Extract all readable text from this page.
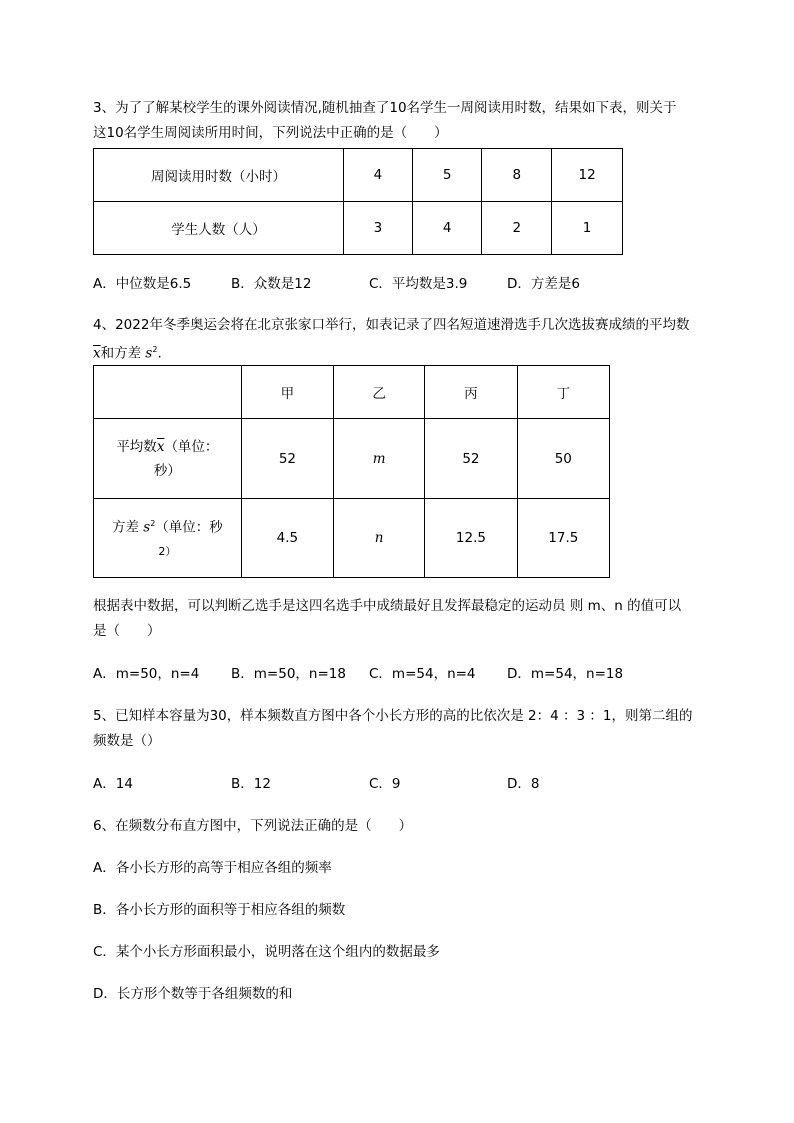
3、为了了解某校学生的课外阅读情况,随机抽查了10名学生一周阅读用时数，结果如下表，则关于
这10名学生周阅读所用时间，下列说法中正确的是（　　）
周阅读用时数（小时）	4	5	8	12
学生人数（人）	3	4	2	1
A．中位数是6.5	B．众数是12	C．平均数是3.9	D．方差是6
4、2022年冬季奥运会将在北京张家口举行，如表记录了四名短道速滑选手几次选拔赛成绩的平均数
$\overline{x}$和方差 $s^2$.
	甲	乙	丙	丁

平均数$\overline{x}$（单位：
秒）	52	m	52	50

方差 $s^2$（单位：秒
2）	4.5	n	12.5	17.5
根据表中数据，可以判断乙选手是这四名选手中成绩最好且发挥最稳定的运动员 则 m、n 的值可以
是（　　）
A．m=50，n=4 B．m=50，n=18 C．m=54，n=4 D．m=54，n=18
5、已知样本容量为30，样本频数直方图中各个小长方形的高的比依次是 2：4 ：3 ：1，则第二组的
频数是（）
A．14	B．12	C．9	D．8
6、在频数分布直方图中，下列说法正确的是（　　）
A．各小长方形的高等于相应各组的频率
B．各小长方形的面积等于相应各组的频数
C．某个小长方形面积最小，说明落在这个组内的数据最多
D．长方形个数等于各组频数的和
